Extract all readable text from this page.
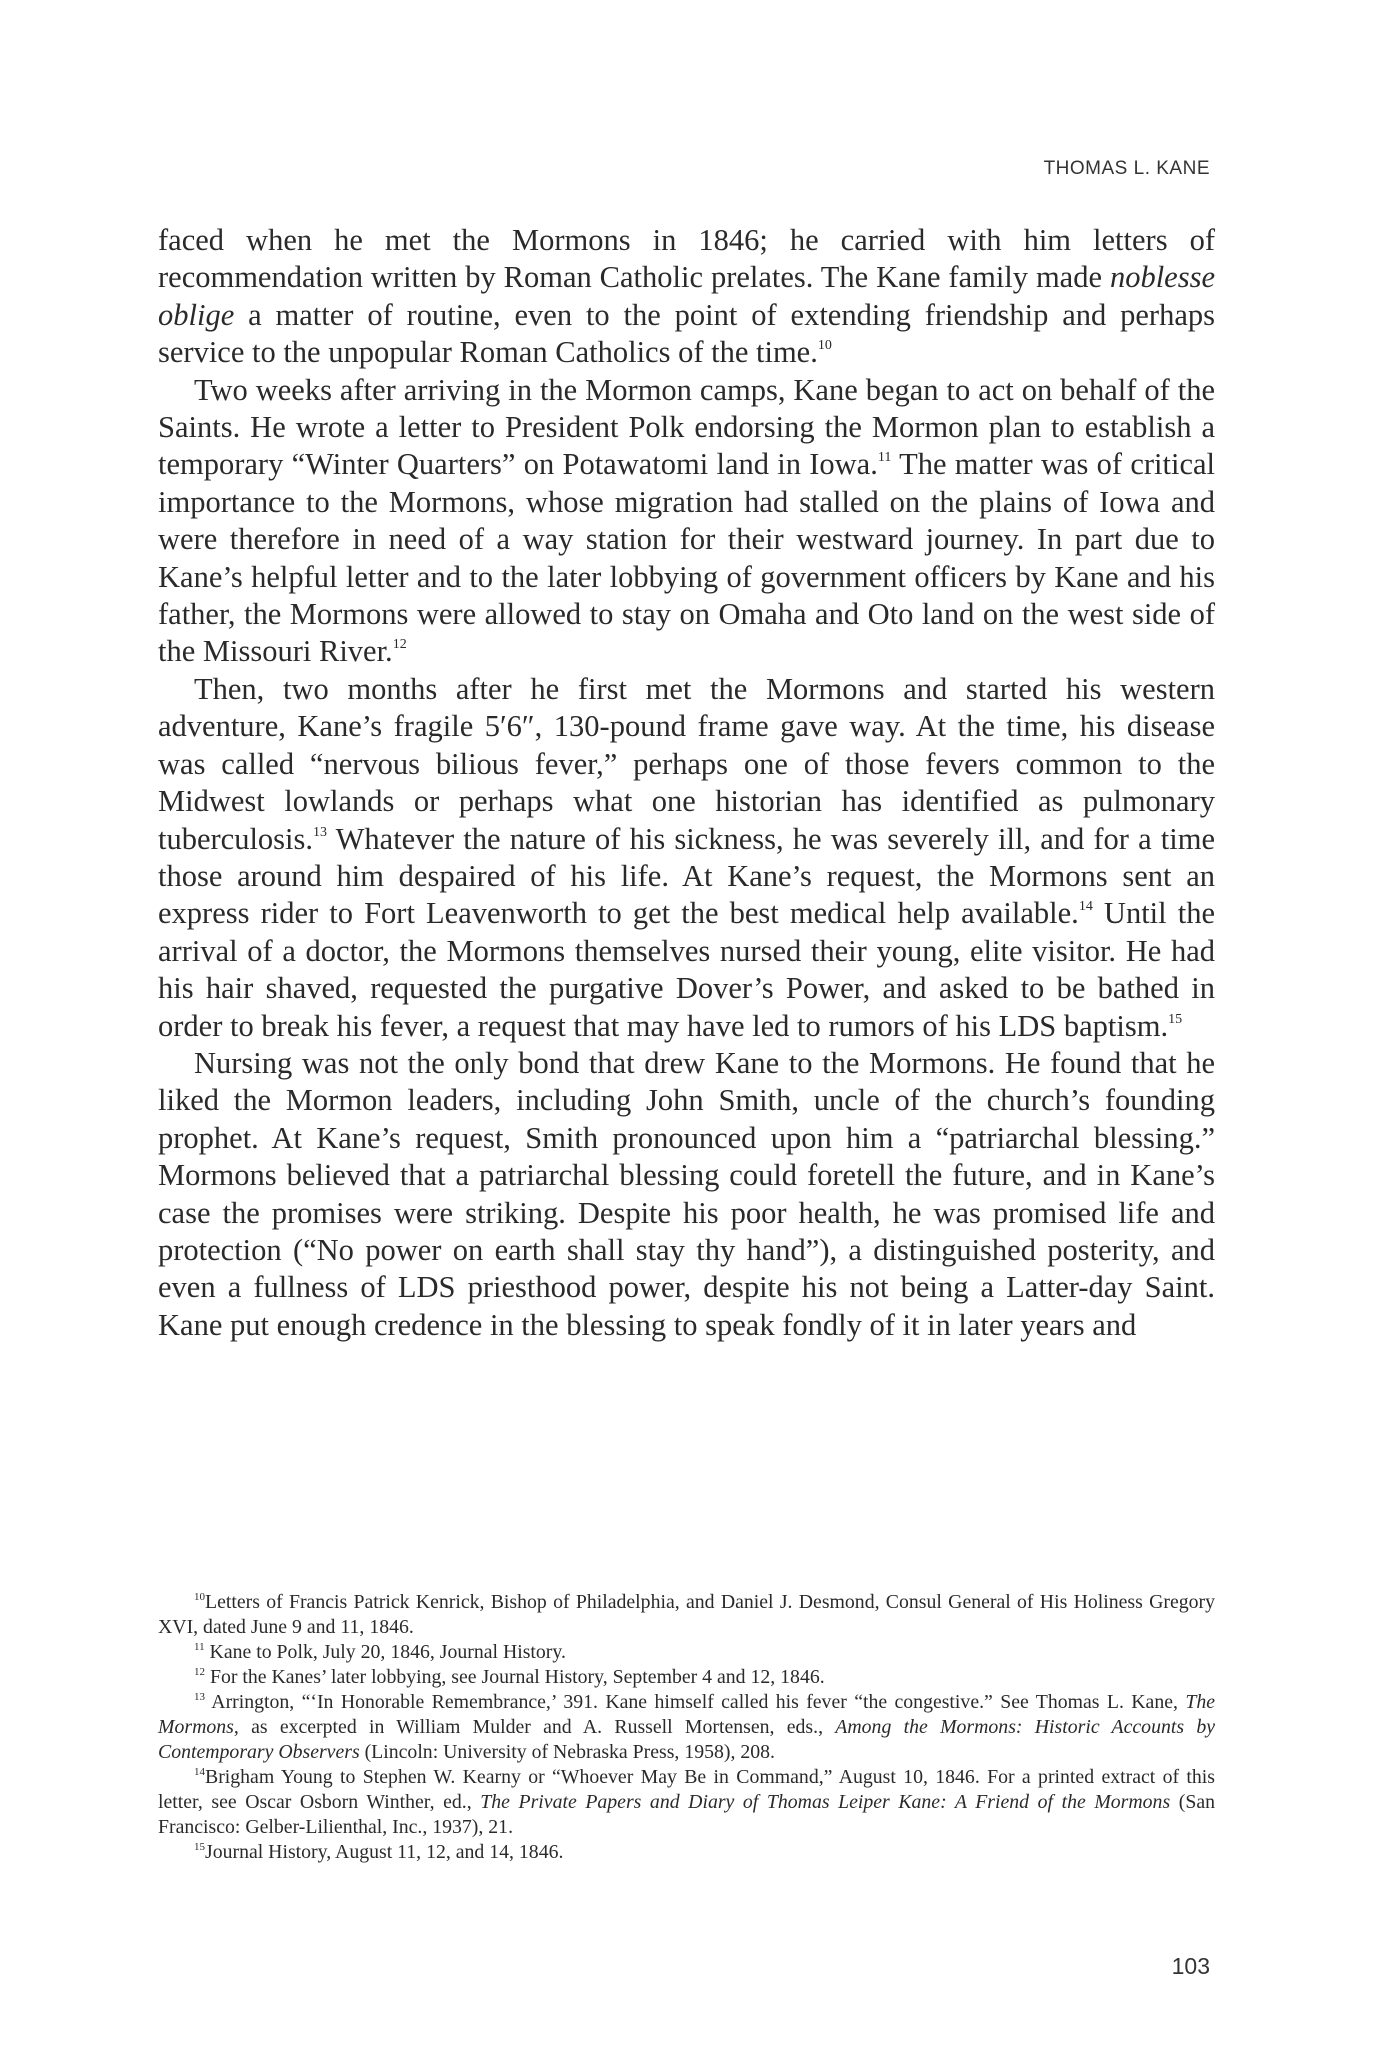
THOMAS L. KANE

faced when he met the Mormons in 1846; he carried with him letters of recommendation written by Roman Catholic prelates. The Kane family made noblesse oblige a matter of routine, even to the point of extending friendship and perhaps service to the unpopular Roman Catholics of the time.$^{10}$

Two weeks after arriving in the Mormon camps, Kane began to act on behalf of the Saints. He wrote a letter to President Polk endorsing the Mormon plan to establish a temporary “Winter Quarters” on Potawatomi land in Iowa.$^{11}$ The matter was of critical importance to the Mormons, whose migration had stalled on the plains of Iowa and were therefore in need of a way station for their westward journey. In part due to Kane’s helpful letter and to the later lobbying of government officers by Kane and his father, the Mormons were allowed to stay on Omaha and Oto land on the west side of the Missouri River.$^{12}$

Then, two months after he first met the Mormons and started his western adventure, Kane’s fragile 5′6″, 130-pound frame gave way. At the time, his disease was called “nervous bilious fever,” perhaps one of those fevers common to the Midwest lowlands or perhaps what one historian has identified as pulmonary tuberculosis.$^{13}$ Whatever the nature of his sickness, he was severely ill, and for a time those around him despaired of his life. At Kane’s request, the Mormons sent an express rider to Fort Leavenworth to get the best medical help available.$^{14}$ Until the arrival of a doctor, the Mormons themselves nursed their young, elite visitor. He had his hair shaved, requested the purgative Dover’s Power, and asked to be bathed in order to break his fever, a request that may have led to rumors of his LDS baptism.$^{15}$

Nursing was not the only bond that drew Kane to the Mormons. He found that he liked the Mormon leaders, including John Smith, uncle of the church’s founding prophet. At Kane’s request, Smith pronounced upon him a “patriarchal blessing.” Mormons believed that a patriarchal blessing could foretell the future, and in Kane’s case the promises were striking. Despite his poor health, he was promised life and protection (“No power on earth shall stay thy hand”), a distinguished posterity, and even a fullness of LDS priesthood power, despite his not being a Latter-day Saint. Kane put enough credence in the blessing to speak fondly of it in later years and

$^{10}$Letters of Francis Patrick Kenrick, Bishop of Philadelphia, and Daniel J. Desmond, Consul General of His Holiness Gregory XVI, dated June 9 and 11, 1846.

$^{11}$ Kane to Polk, July 20, 1846, Journal History.

$^{12}$ For the Kanes’ later lobbying, see Journal History, September 4 and 12, 1846.

$^{13}$ Arrington, “‘In Honorable Remembrance,’ 391. Kane himself called his fever “the congestive.” See Thomas L. Kane, The Mormons, as excerpted in William Mulder and A. Russell Mortensen, eds., Among the Mormons: Historic Accounts by Contemporary Observers (Lincoln: University of Nebraska Press, 1958), 208.

$^{14}$Brigham Young to Stephen W. Kearny or “Whoever May Be in Command,” August 10, 1846. For a printed extract of this letter, see Oscar Osborn Winther, ed., The Private Papers and Diary of Thomas Leiper Kane: A Friend of the Mormons (San Francisco: Gelber-Lilienthal, Inc., 1937), 21.

$^{15}$Journal History, August 11, 12, and 14, 1846.

103
